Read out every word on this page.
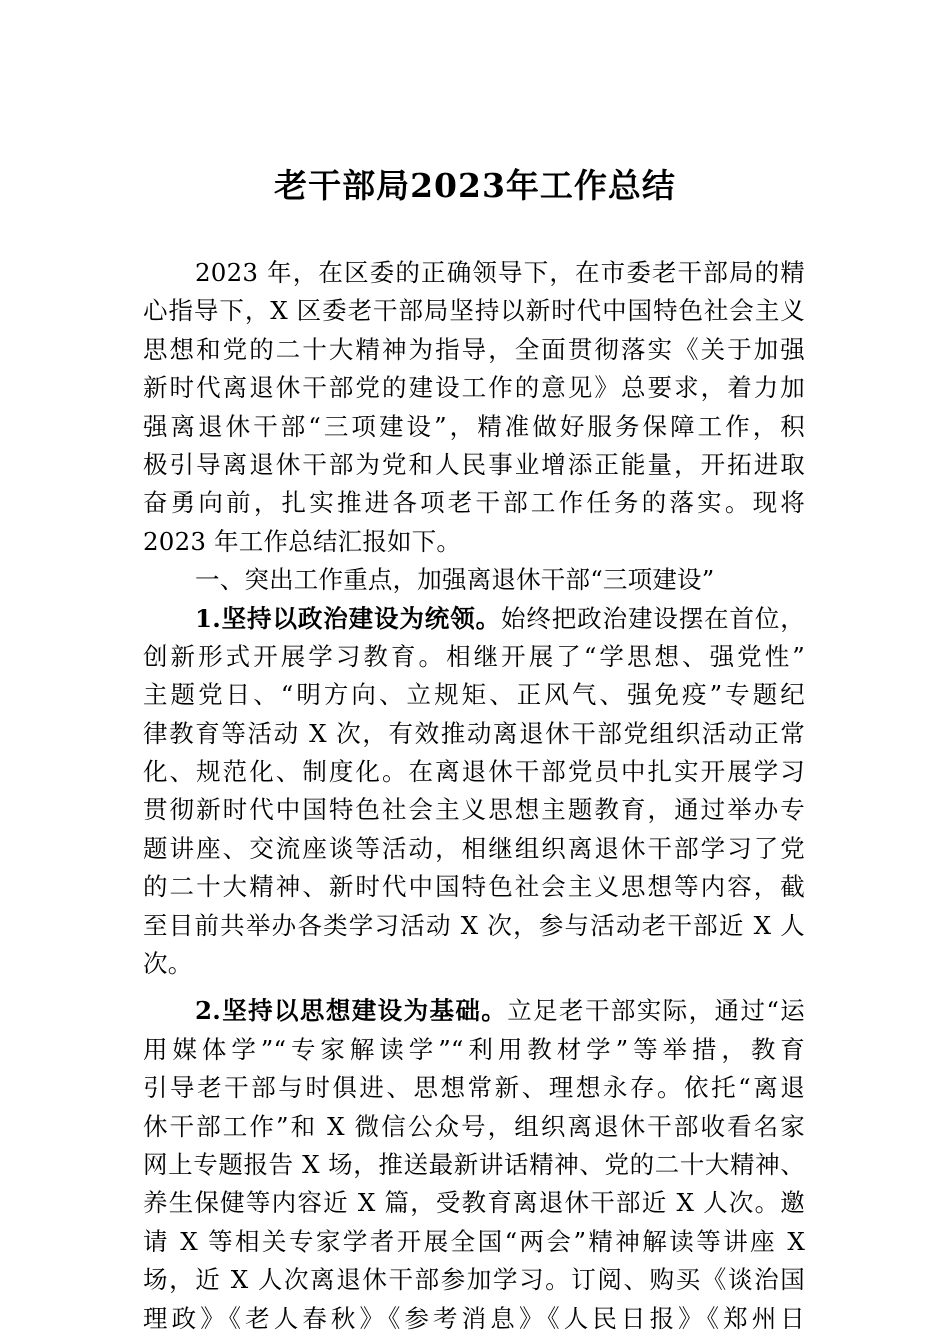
老干部局2023年工作总结
2023 年，在区委的正确领导下，在市委老干部局的精
心指导下，X 区委老干部局坚持以新时代中国特色社会主义
思想和党的二十大精神为指导，全面贯彻落实《关于加强
新时代离退休干部党的建设工作的意见》总要求，着力加
强离退休干部“三项建设”，精准做好服务保障工作，积
极引导离退休干部为党和人民事业增添正能量，开拓进取
奋勇向前，扎实推进各项老干部工作任务的落实。现将
2023 年工作总结汇报如下。
一、突出工作重点，加强离退休干部“三项建设”
1.坚持以政治建设为统领。始终把政治建设摆在首位，
创新形式开展学习教育。相继开展了“学思想、强党性”
主题党日、“明方向、立规矩、正风气、强免疫”专题纪
律教育等活动 X 次，有效推动离退休干部党组织活动正常
化、规范化、制度化。在离退休干部党员中扎实开展学习
贯彻新时代中国特色社会主义思想主题教育，通过举办专
题讲座、交流座谈等活动，相继组织离退休干部学习了党
的二十大精神、新时代中国特色社会主义思想等内容，截
至目前共举办各类学习活动 X 次，参与活动老干部近 X 人
次。
2.坚持以思想建设为基础。立足老干部实际，通过“运
用媒体学”“专家解读学”“利用教材学”等举措，教育
引导老干部与时俱进、思想常新、理想永存。依托“离退
休干部工作”和 X 微信公众号，组织离退休干部收看名家
网上专题报告 X 场，推送最新讲话精神、党的二十大精神、
养生保健等内容近 X 篇，受教育离退休干部近 X 人次。邀
请 X 等相关专家学者开展全国“两会”精神解读等讲座 X
场，近 X 人次离退休干部参加学习。订阅、购买《谈治国
理政》《老人春秋》《参考消息》《人民日报》《郑州日
